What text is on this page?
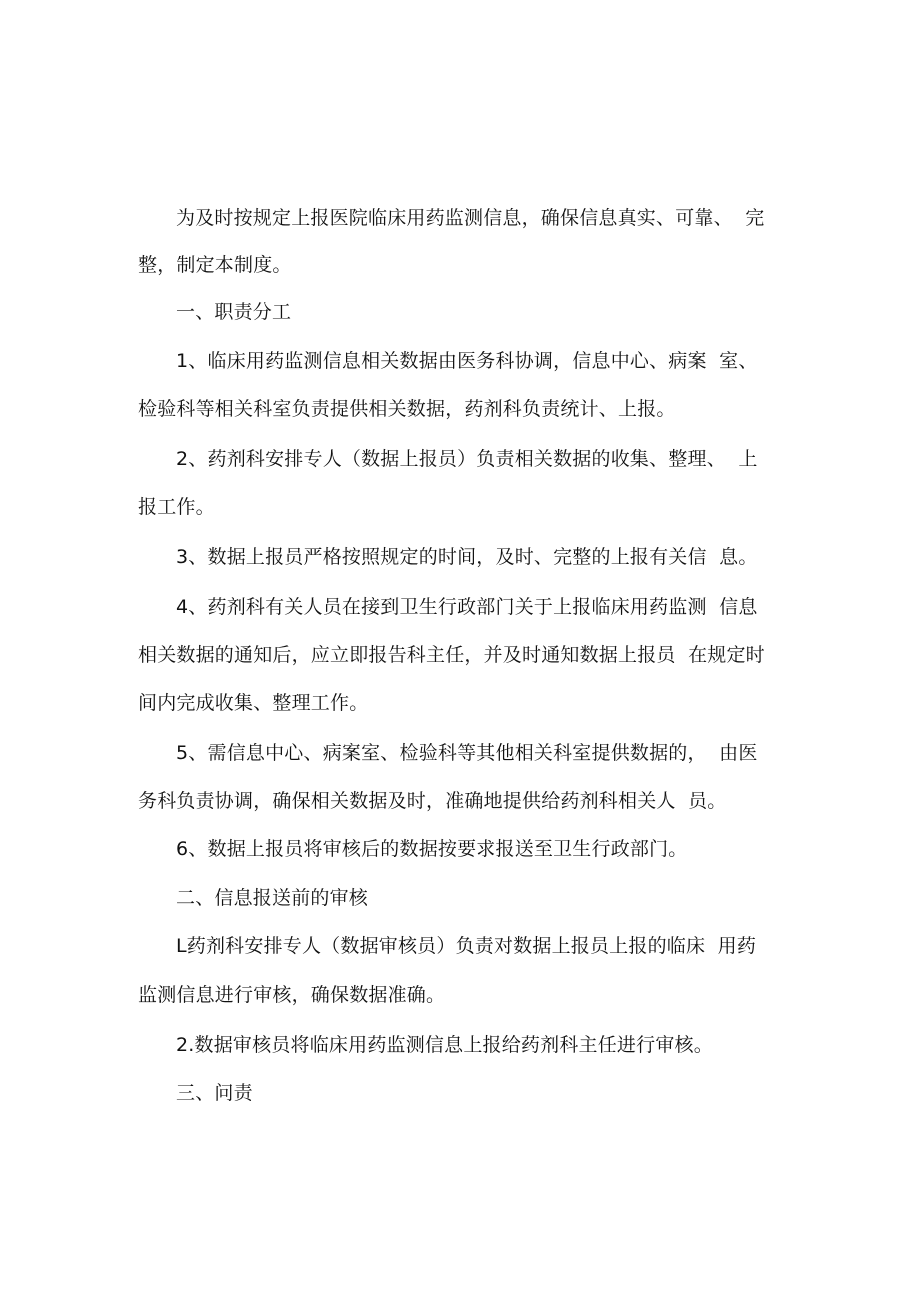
为及时按规定上报医院临床用药监测信息，确保信息真实、可靠、  完
整，制定本制度。
一、职责分工
1、临床用药监测信息相关数据由医务科协调，信息中心、病案  室、
检验科等相关科室负责提供相关数据，药剂科负责统计、上报。
2、药剂科安排专人（数据上报员）负责相关数据的收集、整理、  上
报工作。
3、数据上报员严格按照规定的时间，及时、完整的上报有关信  息。
4、药剂科有关人员在接到卫生行政部门关于上报临床用药监测  信息
相关数据的通知后，应立即报告科主任，并及时通知数据上报员  在规定时
间内完成收集、整理工作。
5、需信息中心、病案室、检验科等其他相关科室提供数据的，  由医
务科负责协调，确保相关数据及时，准确地提供给药剂科相关人  员。
6、数据上报员将审核后的数据按要求报送至卫生行政部门。
二、信息报送前的审核
L药剂科安排专人（数据审核员）负责对数据上报员上报的临床  用药
监测信息进行审核，确保数据准确。
2.数据审核员将临床用药监测信息上报给药剂科主任进行审核。
三、问责
